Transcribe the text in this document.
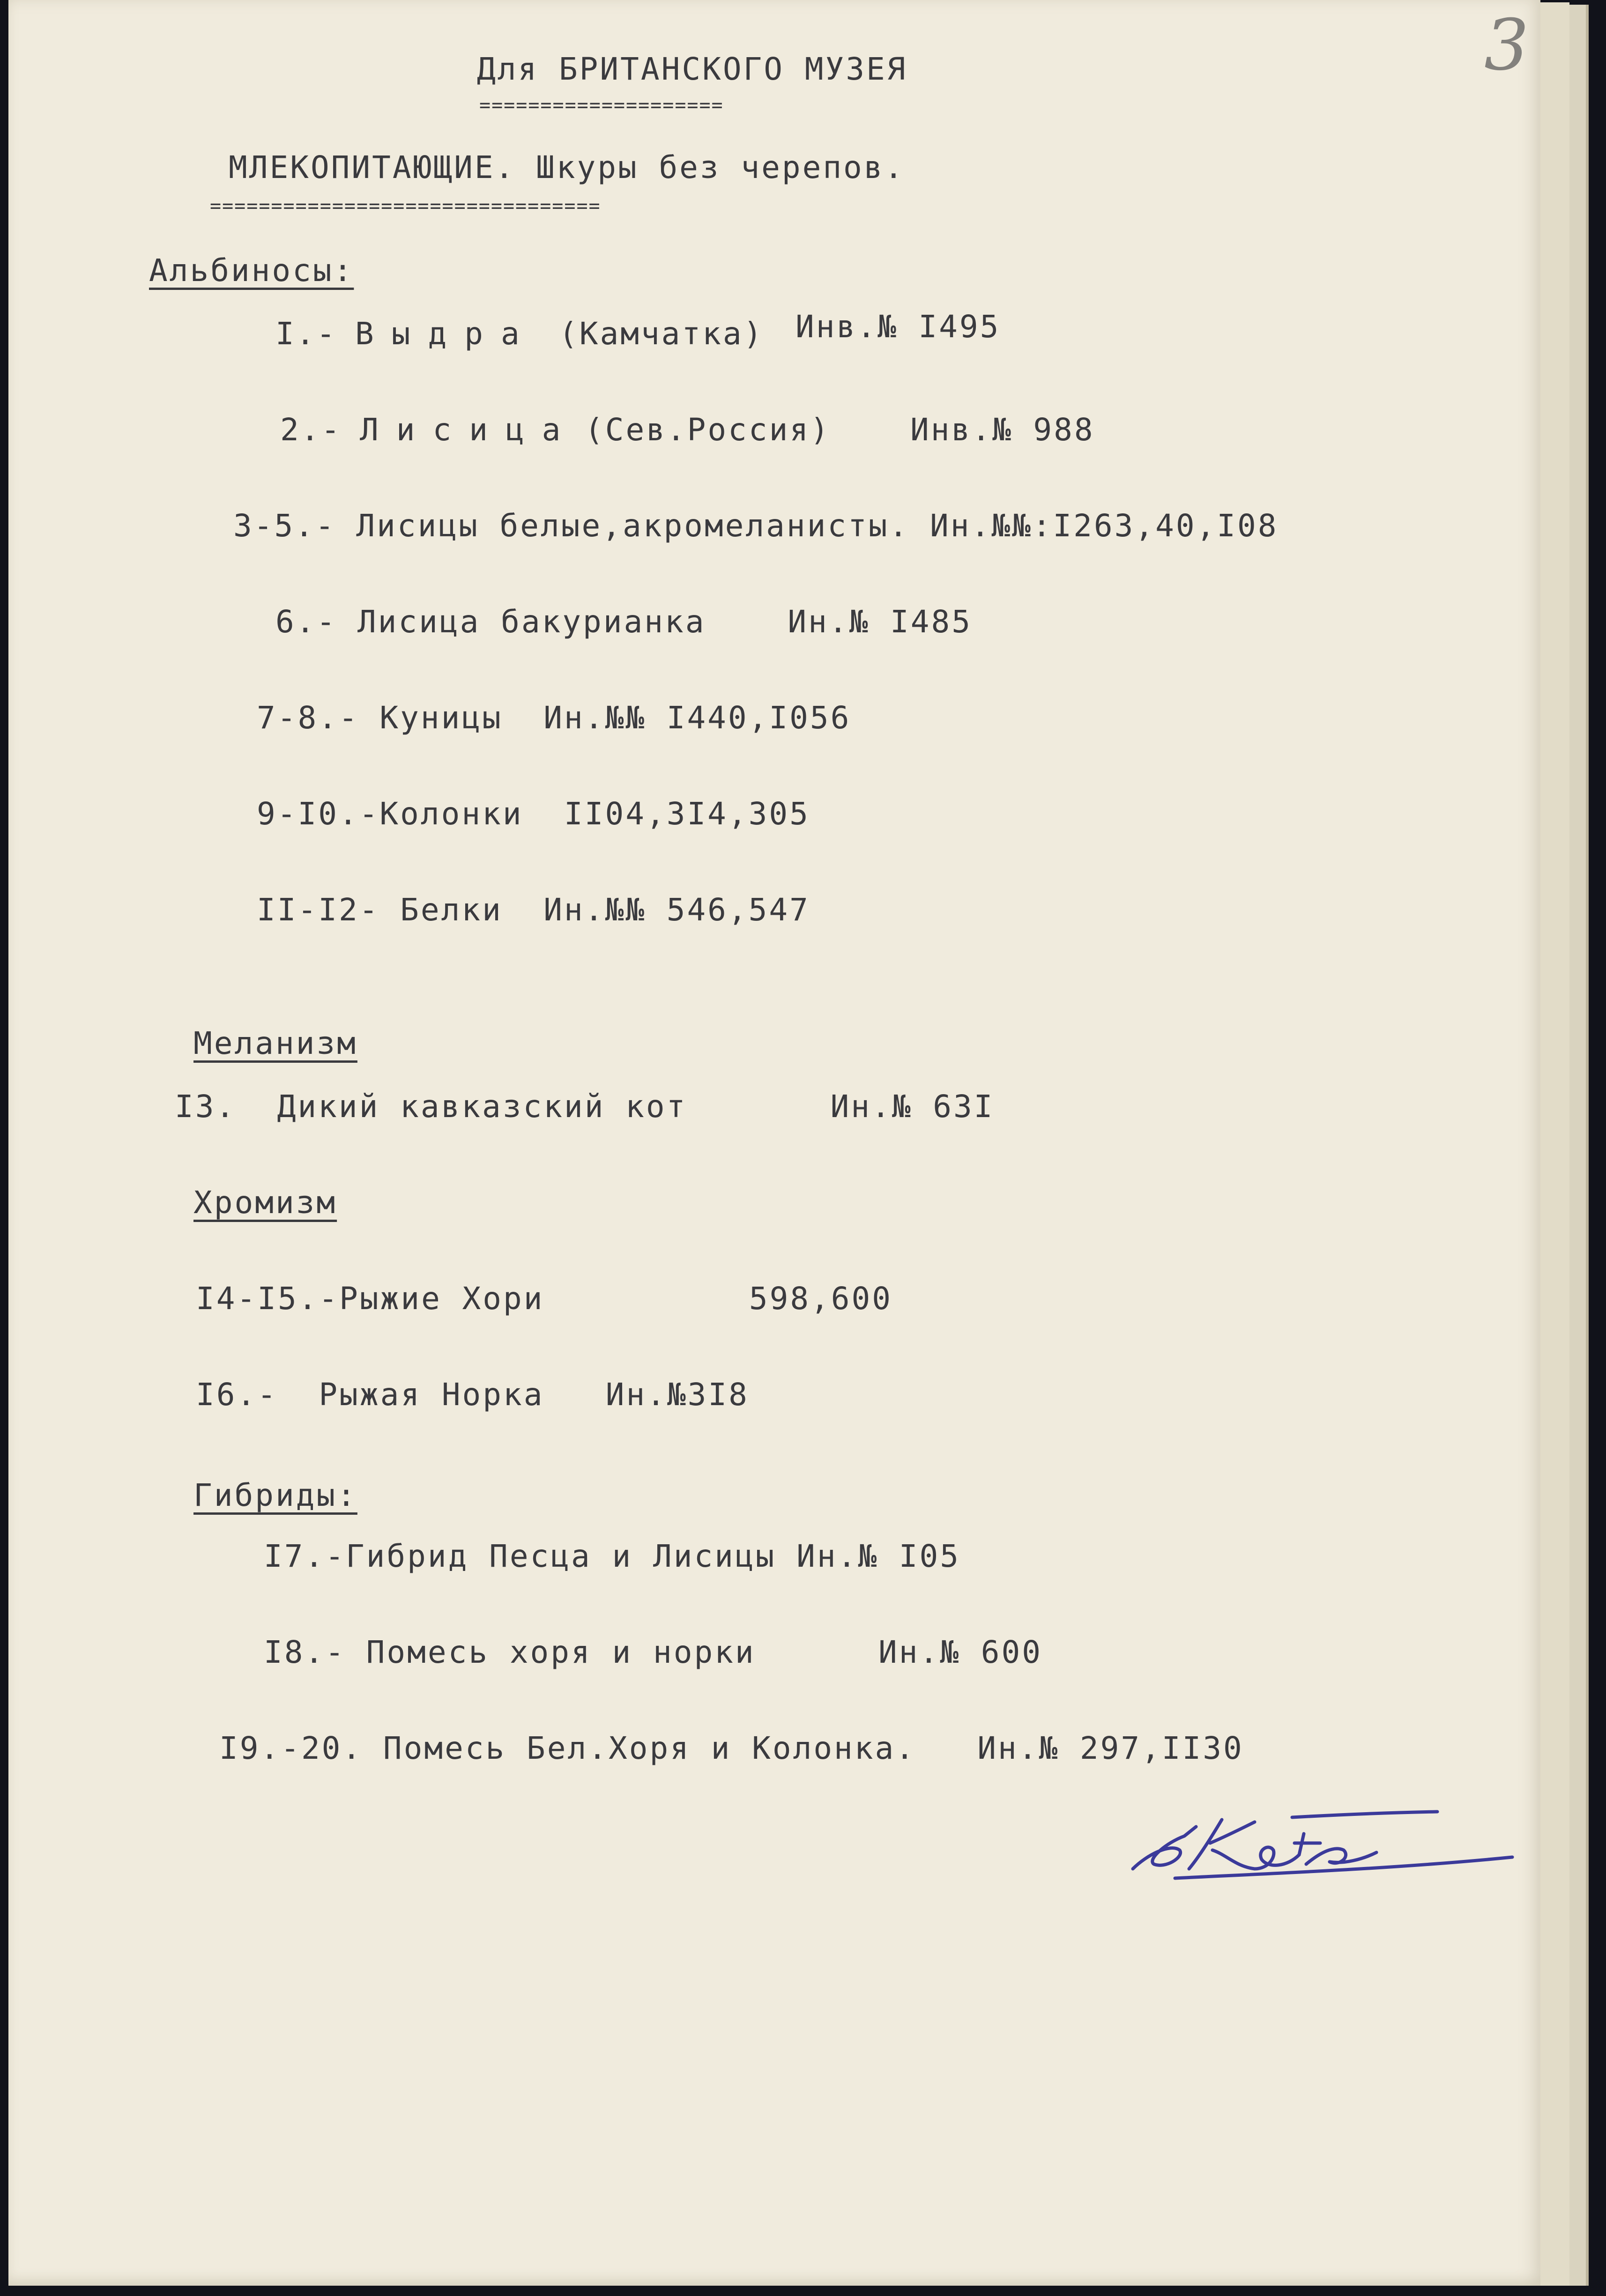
3
Для БРИТАНСКОГО МУЗЕЯ
====================
МЛЕКОПИТАЮЩИЕ. Шкуры без черепов.
================================
Альбиносы:
I.- Выдра (Камчатка) Инв.№ I495
2.- Лисица (Сев.Россия)	Инв.№ 988
3-5.- Лисицы белые,акромеланисты. Ин.№№:I263,40,I08
6.- Лисица бакурианка    Ин.№ I485
7-8.- Куницы  Ин.№№ I440,I056
9-I0.-Колонки  II04,3I4,305
II-I2- Белки  Ин.№№ 546,547
Меланизм
I3.  Дикий кавказский кот       Ин.№ 63I
Хромизм
I4-I5.-Рыжие Хори          598,600
I6.-  Рыжая Норка   Ин.№3I8
Гибриды:
I7.-Гибрид Песца и Лисицы Ин.№ I05
I8.- Помесь хоря и норки      Ин.№ 600
I9.-20. Помесь Бел.Хоря и Колонка.   Ин.№ 297,II30
